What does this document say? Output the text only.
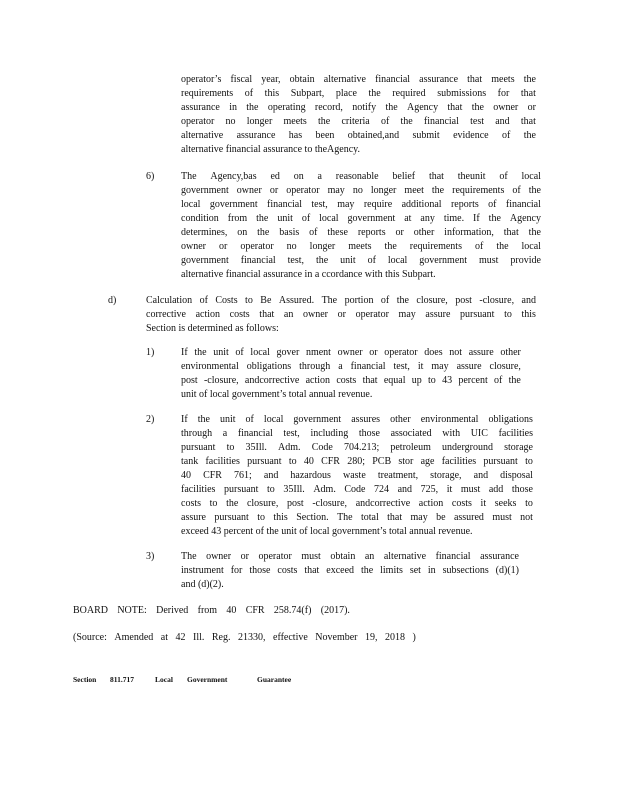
operator’s fiscal year, obtain alternative financial assurance that meets the
requirements of this Subpart, place the required submissions for that
assurance in the operating record, notify the Agency that the owner or
operator no longer meets the criteria of the financial test and that
alternative assurance has been obtained,and submit evidence of the
alternative financial assurance to theAgency.
6)	The Agency,bas ed on a reasonable belief that theunit of local
government owner or operator may no longer meet the requirements of the
local government financial test, may require additional reports of financial
condition from the unit of local government at any time. If the Agency
determines, on the basis of these reports or other information, that the
owner or operator no longer meets the requirements of the local
government financial test, the unit of local government must provide
alternative financial assurance in a ccordance with this Subpart.
d)	Calculation of Costs to Be Assured. The portion of the closure, post -closure, and
corrective action costs that an owner or operator may assure pursuant to this
Section is determined as follows:
1)	If the unit of local gover nment owner or operator does not assure other
environmental obligations through a financial test, it may assure closure,
post -closure, andcorrective action costs that equal up to 43 percent of the
unit of local government’s total annual revenue.
2)	If the unit of local government assures other environmental obligations
through a financial test, including those associated with UIC facilities
pursuant to 35Ill. Adm. Code 704.213; petroleum underground storage
tank facilities pursuant to 40 CFR 280; PCB stor age facilities pursuant to
40 CFR 761; and hazardous waste treatment, storage, and disposal
facilities pursuant to 35Ill. Adm. Code 724 and 725, it must add those
costs to the closure, post -closure, andcorrective action costs it seeks to
assure pursuant to this Section. The total that may be assured must not
exceed 43 percent of the unit of local government’s total annual revenue.
3)	The owner or operator must obtain an alternative financial assurance
instrument for those costs that exceed the limits set in subsections (d)(1)
and (d)(2).
BOARD NOTE: Derived from 40 CFR 258.74(f) (2017).
(Source: Amended at 42 Ill. Reg. 21330, effective November 19, 2018 )
Section 811.717	Local Government	Guarantee
